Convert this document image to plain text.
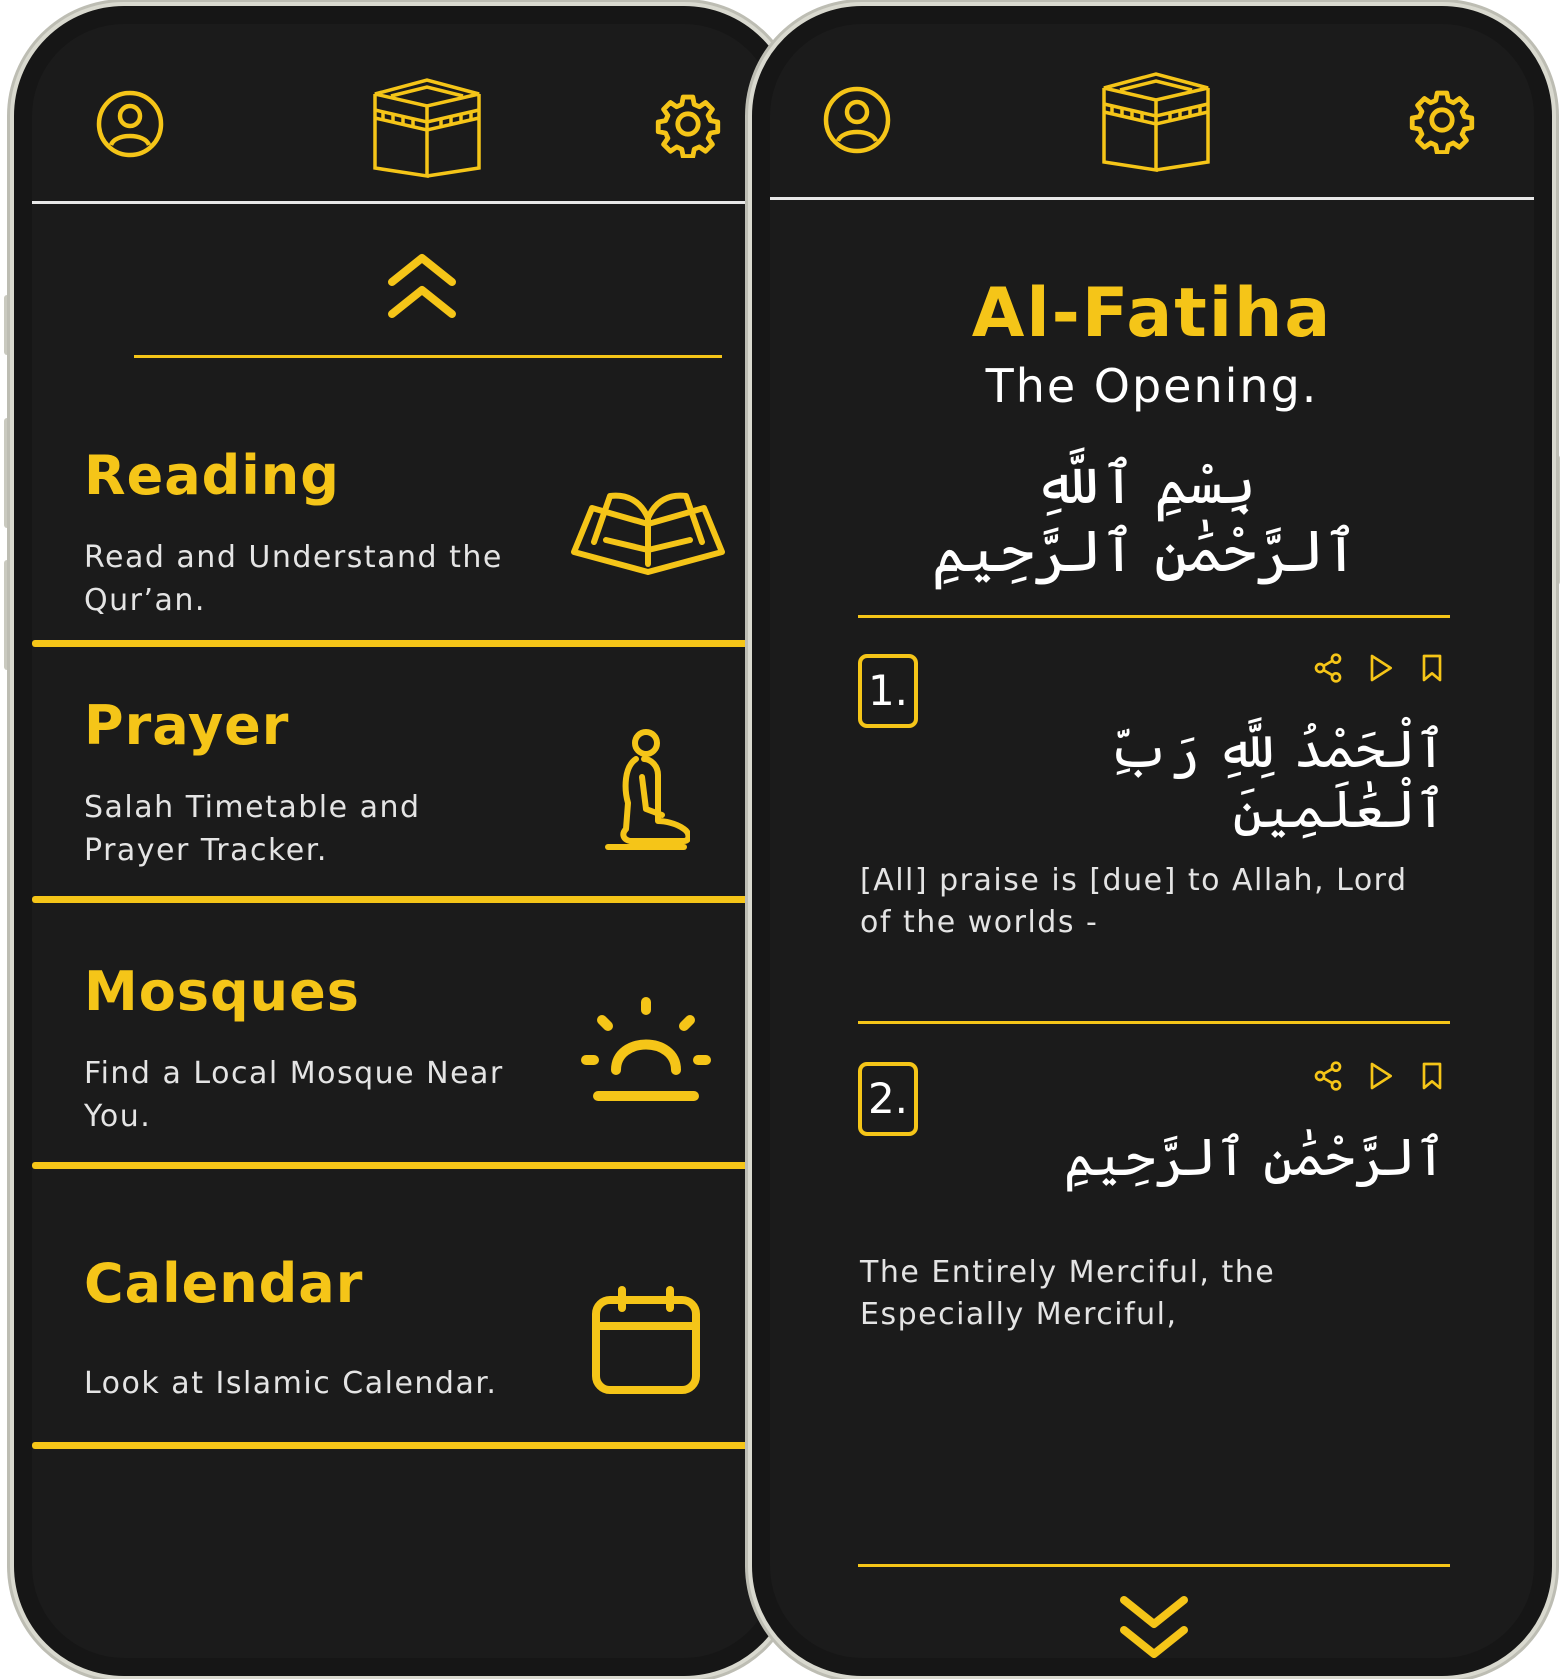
Reading

Read and Understand the Qur’an.

Prayer

Salah Timetable and Prayer Tracker.

Mosques

Find a Local Mosque Near You.

Calendar

Look at Islamic Calendar.

Al-Fatiha

The Opening.

بِسْمِ ٱللَّهِ ٱلرَّحْمَٰنِ ٱلرَّحِيمِ

1.

ٱلْحَمْدُ لِلَّهِ رَبِّ ٱلْعَٰلَمِينَ

[All] praise is [due] to Allah, Lord of the worlds -

2.

ٱلرَّحْمَٰنِ ٱلرَّحِيمِ

The Entirely Merciful, the Especially Merciful,
